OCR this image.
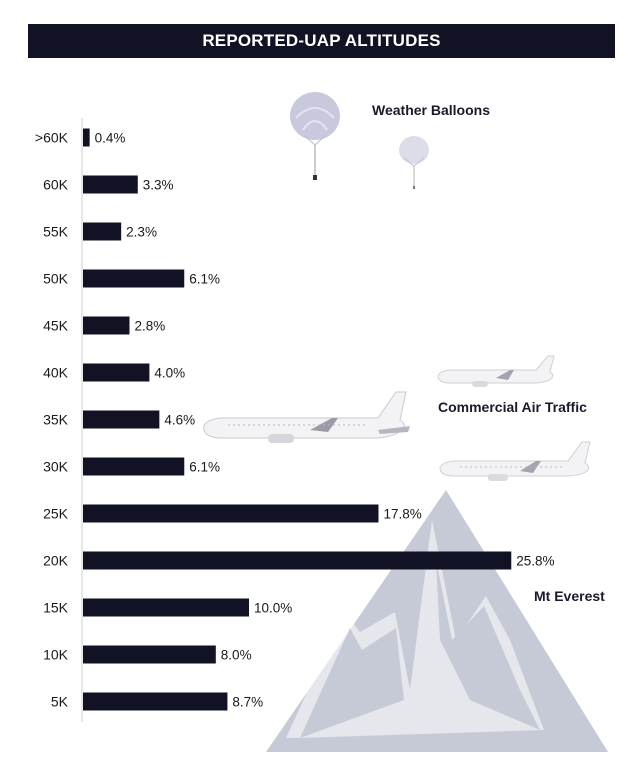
REPORTED-UAP ALTITUDES
Weather Balloons
Commercial Air Traffic
Mt Everest
>60K 0.4%
60K	3.3%
55K	2.3%
50K	6.1%
45K	2.8%
40K	4.0%
35K	4.6%
30K	6.1%
25K	17.8%
20K	25.8%
15K	10.0%
10K	8.0%
5K	8.7%
